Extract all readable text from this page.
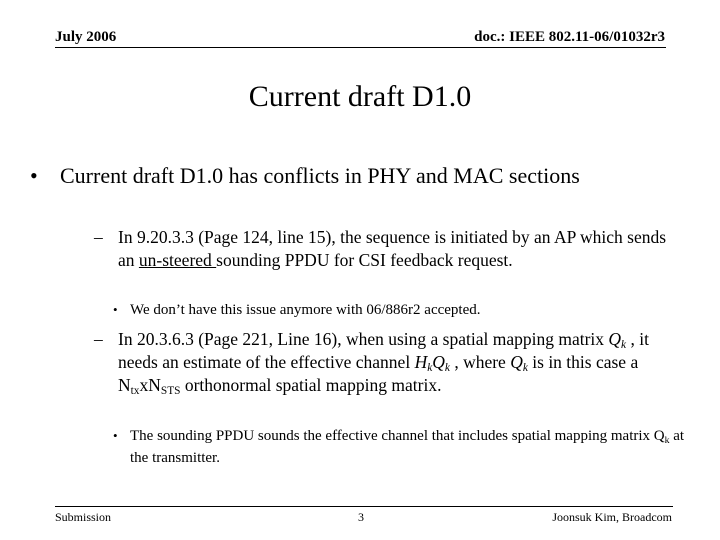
July 2006	doc.: IEEE 802.11-06/01032r3
Current draft D1.0
• Current draft D1.0 has conflicts in PHY and MAC sections
– In 9.20.3.3 (Page 124, line 15), the sequence is initiated by an AP which sends an un-steered sounding PPDU for CSI feedback request.
• We don’t have this issue anymore with 06/886r2 accepted.
– In 20.3.6.3 (Page 221, Line 16), when using a spatial mapping matrix $Q_k$ , it needs an estimate of the effective channel $H_kQ_k$ , where $Q_k$ is in this case a $N_{tx}xN_{STS}$ orthonormal spatial mapping matrix.
• The sounding PPDU sounds the effective channel that includes spatial mapping matrix $Q_k$ at the transmitter.
Submission	3	Joonsuk Kim, Broadcom
